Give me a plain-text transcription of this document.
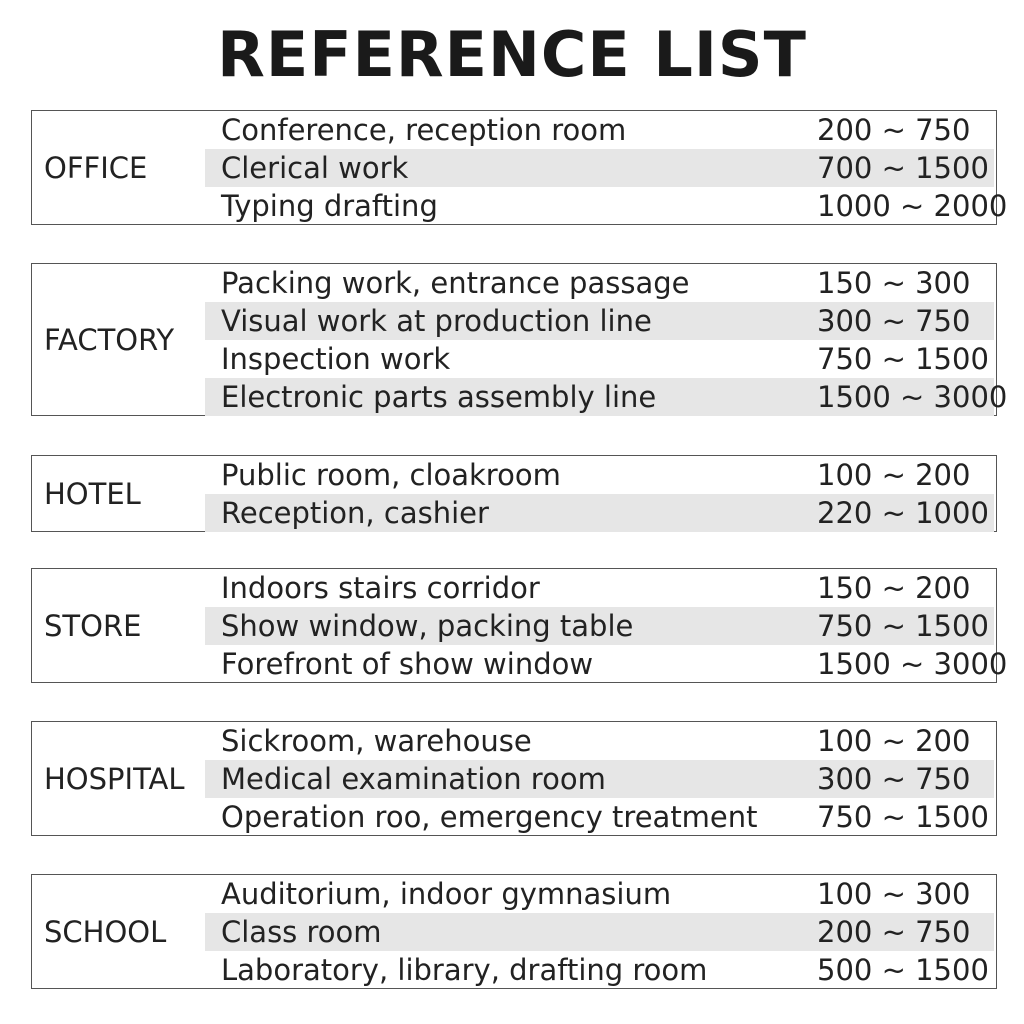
REFERENCE LIST
OFFICE
Conference, reception room	200 ~ 750
Clerical work	700 ~ 1500
Typing drafting	1000 ~ 2000
FACTORY
Packing work, entrance passage	150 ~ 300
Visual work at production line	300 ~ 750
Inspection work	750 ~ 1500
Electronic parts assembly line	1500 ~ 3000
HOTEL
Public room, cloakroom	100 ~ 200
Reception, cashier	220 ~ 1000
STORE
Indoors stairs corridor	150 ~ 200
Show window, packing table	750 ~ 1500
Forefront of show window	1500 ~ 3000
HOSPITAL
Sickroom, warehouse	100 ~ 200
Medical examination room	300 ~ 750
Operation roo, emergency treatment 750 ~ 1500
SCHOOL
Auditorium, indoor gymnasium	100 ~ 300
Class room	200 ~ 750
Laboratory, library, drafting room	500 ~ 1500
